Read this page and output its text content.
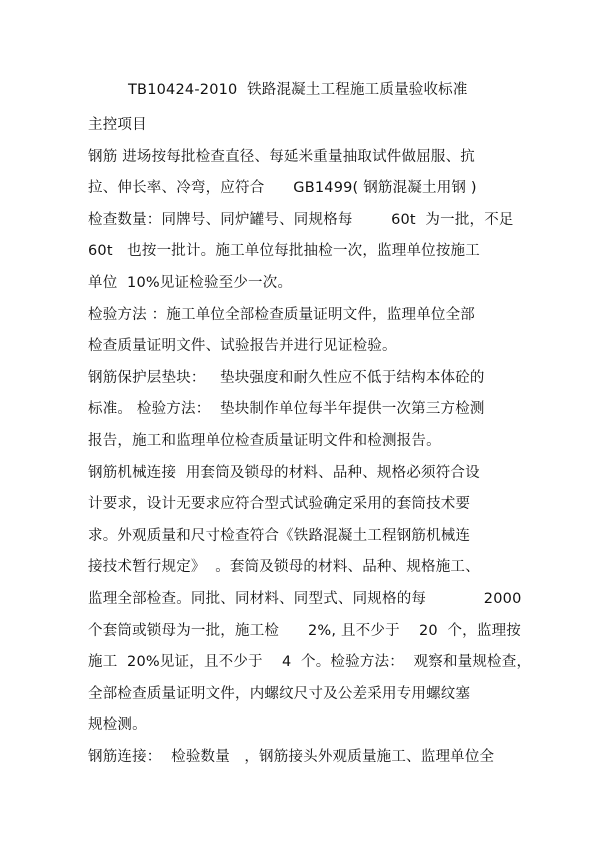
TB10424-2010  铁路混凝土工程施工质量验收标准
主控项目
钢筋 进场按每批检查直径、每延米重量抽取试件做屈服、抗
拉、伸长率、冷弯，应符合      GB1499( 钢筋混凝土用钢 )
检查数量：同牌号、同炉罐号、同规格每        60t  为一批，不足
60t   也按一批计。施工单位每批抽检一次，监理单位按施工
单位  10%见证检验至少一次。
检验方法 ：施工单位全部检查质量证明文件，监理单位全部
检查质量证明文件、试验报告并进行见证检验。
钢筋保护层垫块：   垫块强度和耐久性应不低于结构本体砼的
标准。 检验方法：  垫块制作单位每半年提供一次第三方检测
报告，施工和监理单位检查质量证明文件和检测报告。
钢筋机械连接  用套筒及锁母的材料、品种、规格必须符合设
计要求，设计无要求应符合型式试验确定采用的套筒技术要
求。外观质量和尺寸检查符合《铁路混凝土工程钢筋机械连
接技术暂行规定》  。套筒及锁母的材料、品种、规格施工、
监理全部检查。同批、同材料、同型式、同规格的每            2000
个套筒或锁母为一批，施工检      2%, 且不少于    20  个，监理按
施工  20%见证，且不少于    4  个。检验方法：  观察和量规检查，
全部检查质量证明文件，内螺纹尺寸及公差采用专用螺纹塞
规检测。
钢筋连接：  检验数量   ，钢筋接头外观质量施工、监理单位全
